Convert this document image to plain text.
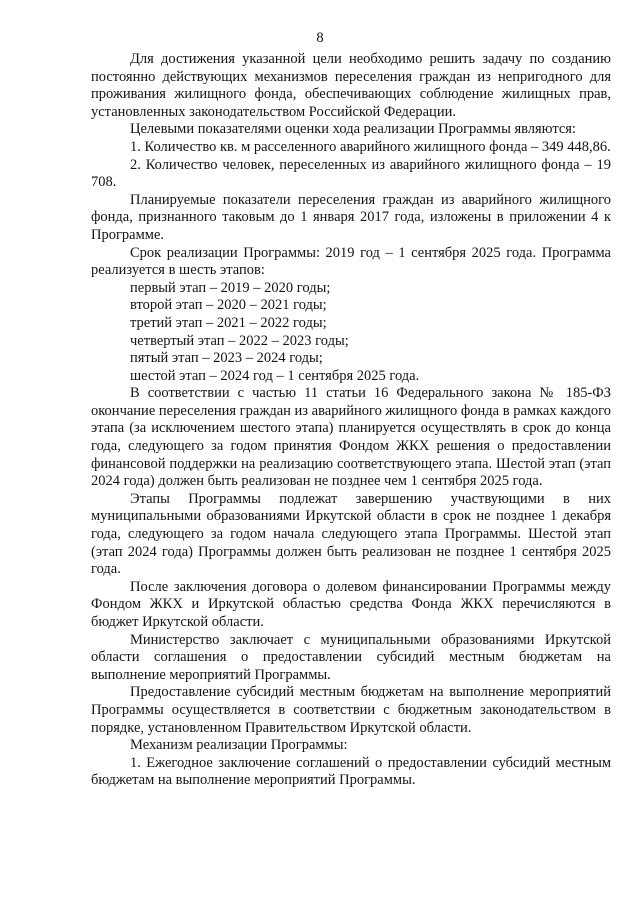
8

Для достижения указанной цели необходимо решить задачу по созданию постоянно действующих механизмов переселения граждан из непригодного для проживания жилищного фонда, обеспечивающих соблюдение жилищных прав, установленных законодательством Российской Федерации.

Целевыми показателями оценки хода реализации Программы являются:

1. Количество кв. м расселенного аварийного жилищного фонда – 349 448,86.

2. Количество человек, переселенных из аварийного жилищного фонда – 19 708.

Планируемые показатели переселения граждан из аварийного жилищного фонда, признанного таковым до 1 января 2017 года, изложены в приложении 4 к Программе.

Срок реализации Программы: 2019 год – 1 сентября 2025 года. Программа реализуется в шесть этапов:

первый этап – 2019 – 2020 годы;

второй этап – 2020 – 2021 годы;

третий этап – 2021 – 2022 годы;

четвертый этап – 2022 – 2023 годы;

пятый этап – 2023 – 2024 годы;

шестой этап – 2024 год – 1 сентября 2025 года.

В соответствии с частью 11 статьи 16 Федерального закона № 185-ФЗ окончание переселения граждан из аварийного жилищного фонда в рамках каждого этапа (за исключением шестого этапа) планируется осуществлять в срок до конца года, следующего за годом принятия Фондом ЖКХ решения о предоставлении финансовой поддержки на реализацию соответствующего этапа. Шестой этап (этап 2024 года) должен быть реализован не позднее чем 1 сентября 2025 года.

Этапы Программы подлежат завершению участвующими в них муниципальными образованиями Иркутской области в срок не позднее 1 декабря года, следующего за годом начала следующего этапа Программы. Шестой этап (этап 2024 года) Программы должен быть реализован не позднее 1 сентября 2025 года.

После заключения договора о долевом финансировании Программы между Фондом ЖКХ и Иркутской областью средства Фонда ЖКХ перечисляются в бюджет Иркутской области.

Министерство заключает с муниципальными образованиями Иркутской области соглашения о предоставлении субсидий местным бюджетам на выполнение мероприятий Программы.

Предоставление субсидий местным бюджетам на выполнение мероприятий Программы осуществляется в соответствии с бюджетным законодательством в порядке, установленном Правительством Иркутской области.

Механизм реализации Программы:

1. Ежегодное заключение соглашений о предоставлении субсидий местным бюджетам на выполнение мероприятий Программы.
